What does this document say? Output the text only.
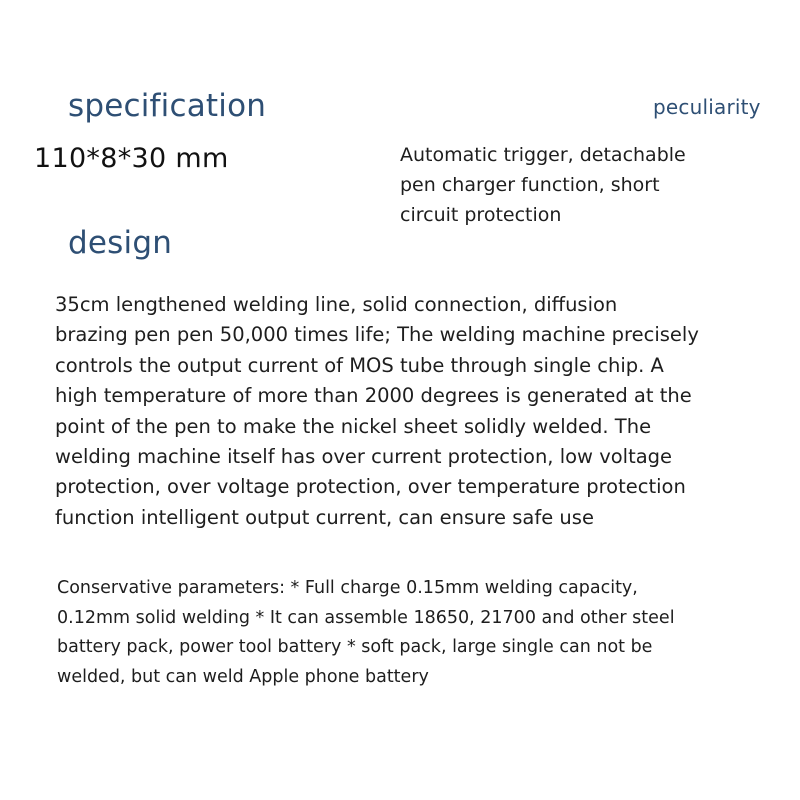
specification	peculiarity
110*8*30 mm	Automatic trigger, detachable
pen charger function, short
circuit protection
design
35cm lengthened welding line, solid connection, diffusion
brazing pen pen 50,000 times life; The welding machine precisely
controls the output current of MOS tube through single chip. A
high temperature of more than 2000 degrees is generated at the
point of the pen to make the nickel sheet solidly welded. The
welding machine itself has over current protection, low voltage
protection, over voltage protection, over temperature protection
function intelligent output current, can ensure safe use
Conservative parameters: * Full charge 0.15mm welding capacity,
0.12mm solid welding * It can assemble 18650, 21700 and other steel
battery pack, power tool battery * soft pack, large single can not be
welded, but can weld Apple phone battery
